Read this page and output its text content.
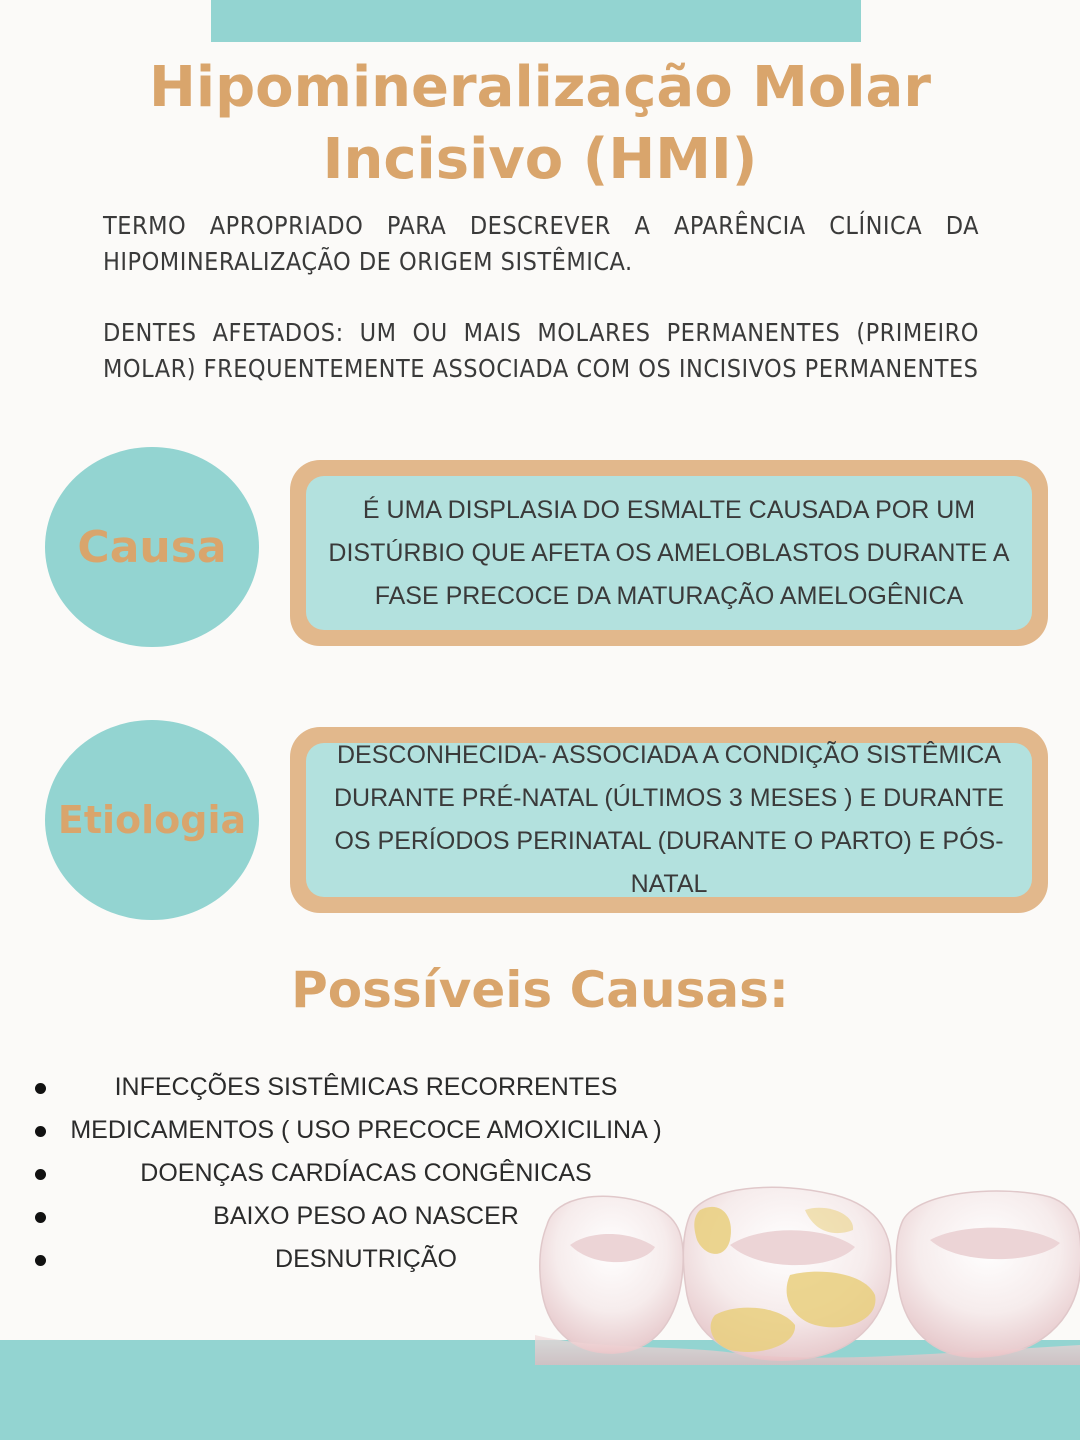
Hipomineralização Molar
Incisivo (HMI)

TERMO APROPRIADO PARA DESCREVER A APARÊNCIA CLÍNICA DA HIPOMINERALIZAÇÃO DE ORIGEM SISTÊMICA.

DENTES AFETADOS: UM OU MAIS MOLARES PERMANENTES (PRIMEIRO MOLAR) FREQUENTEMENTE ASSOCIADA COM OS INCISIVOS PERMANENTES

Causa
É UMA DISPLASIA DO ESMALTE CAUSADA POR UM DISTÚRBIO QUE AFETA OS AMELOBLASTOS DURANTE A FASE PRECOCE DA MATURAÇÃO AMELOGÊNICA
Etiologia
DESCONHECIDA- ASSOCIADA A CONDIÇÃO SISTÊMICA DURANTE PRÉ-NATAL (ÚLTIMOS 3 MESES ) E DURANTE OS PERÍODOS PERINATAL (DURANTE O PARTO) E PÓS-NATAL
Possíveis Causas:
INFECÇÕES SISTÊMICAS RECORRENTES
MEDICAMENTOS ( USO PRECOCE AMOXICILINA )
DOENÇAS CARDÍACAS CONGÊNICAS
BAIXO PESO AO NASCER
DESNUTRIÇÃO
